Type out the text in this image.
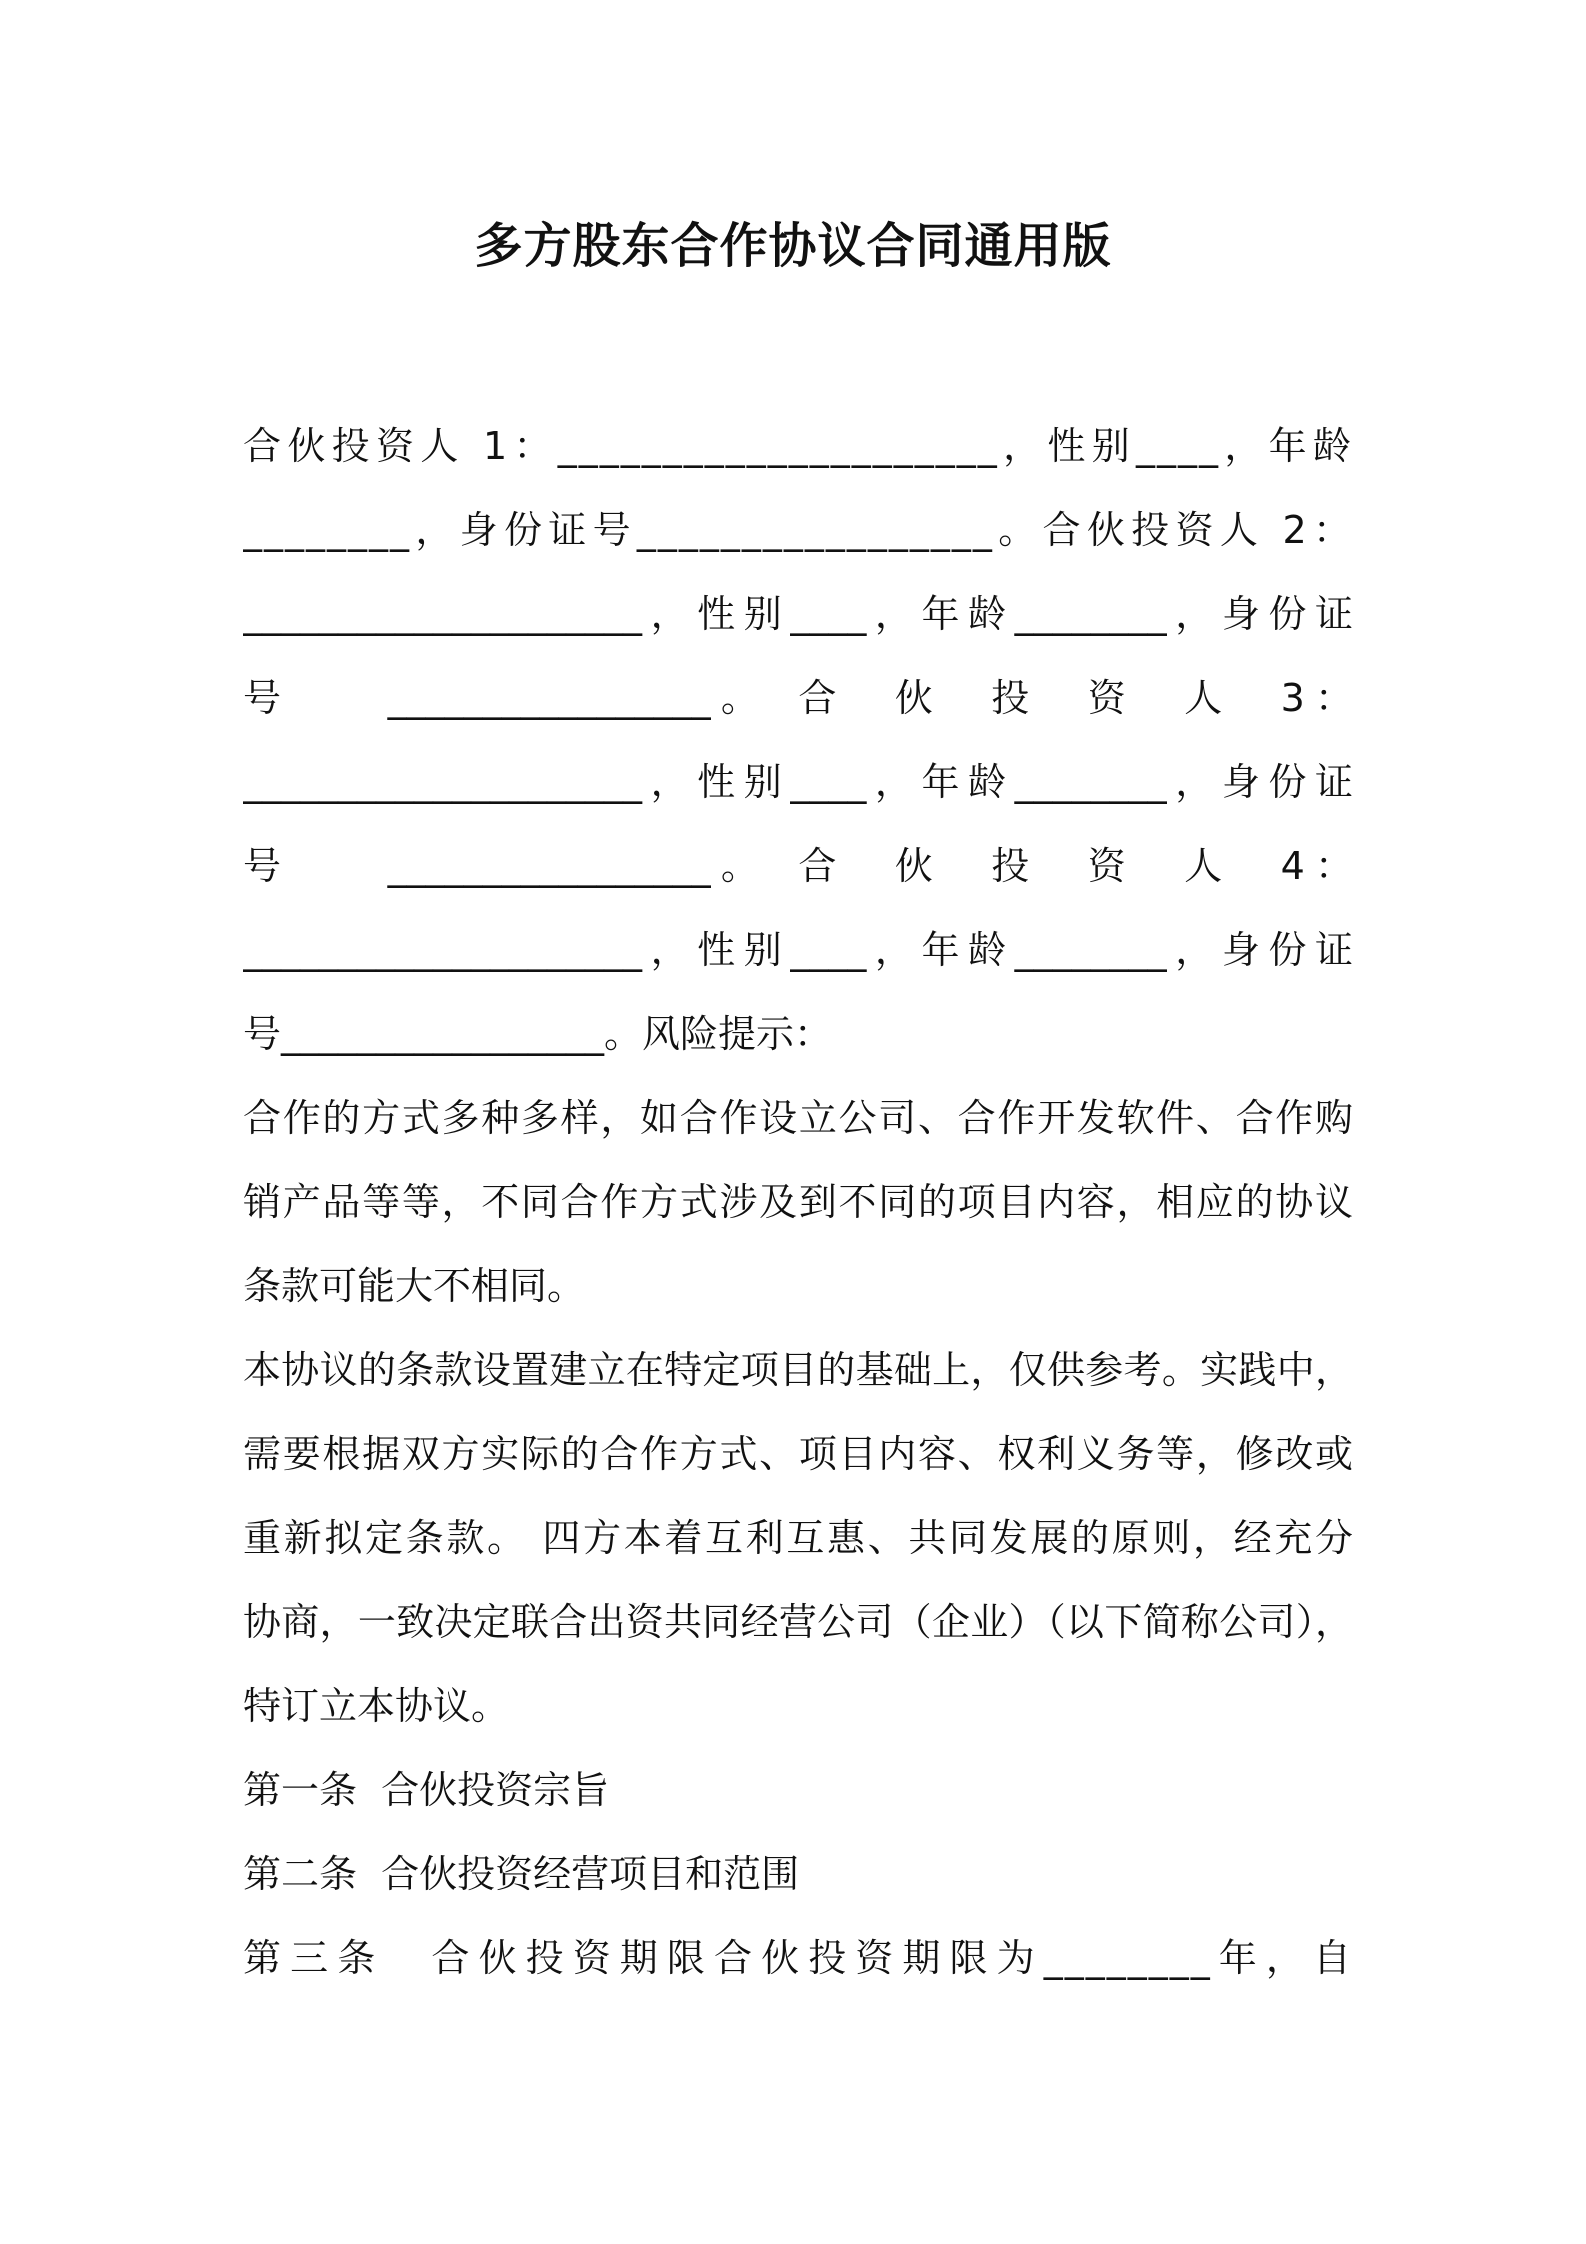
多方股东合作协议合同通用版
合伙投资人 1：_____________________，性别____，年龄
________，身份证号_________________。合伙投资人 2：
_____________________，性别____，年龄________，身份证
号　　_________________。　合　伙　投　资　人　3：
_____________________，性别____，年龄________，身份证
号　　_________________。　合　伙　投　资　人　4：
_____________________，性别____，年龄________，身份证
号_________________。风险提示：
合作的方式多种多样，如合作设立公司、合作开发软件、合作购
销产品等等，不同合作方式涉及到不同的项目内容，相应的协议
条款可能大不相同。
本协议的条款设置建立在特定项目的基础上，仅供参考。实践中，
需要根据双方实际的合作方式、项目内容、权利义务等，修改或
重新拟定条款。 四方本着互利互惠、共同发展的原则，经充分
协商，一致决定联合出资共同经营公司（企业）（以下简称公司），
特订立本协议。
第一条  合伙投资宗旨
第二条  合伙投资经营项目和范围
第三条　合伙投资期限合伙投资期限为________年，自
